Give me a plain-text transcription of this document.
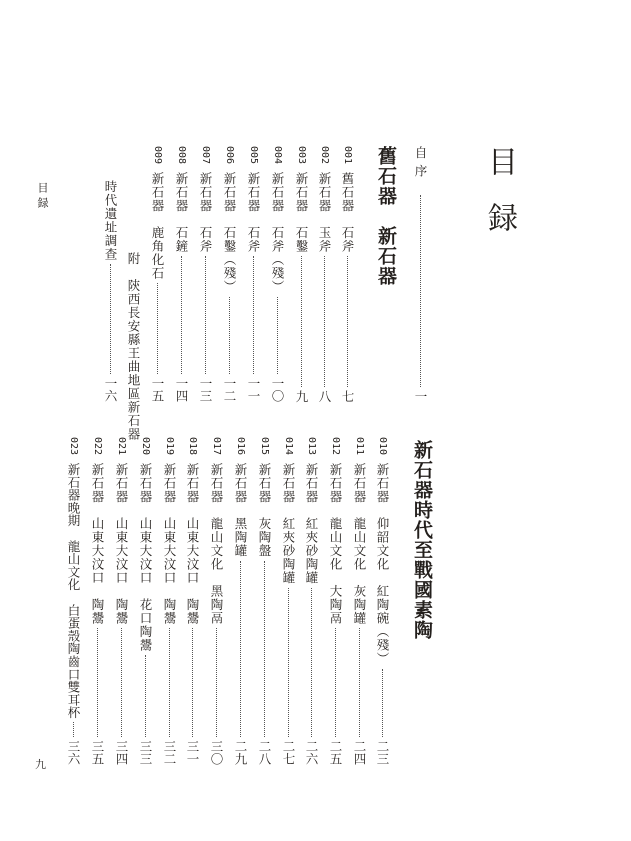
目録
自序
一
舊石器　新石器
新石器時代至戰國素陶
001
舊石器　石斧
七
002
新石器　玉斧
八
003
新石器　石鑿
九
004
新石器　石斧（殘）
一〇
005
新石器　石斧
一一
006
新石器　石鑿（殘）
一二
007
新石器　石斧
一三
008
新石器　石鏟
一四
009
新石器　鹿角化石
一五
附　陝西長安縣王曲地區新石器
時代遺址調查
一六
010
新石器　仰韶文化　紅陶碗（殘）
二三
011
新石器　龍山文化　灰陶罐
二四
012
新石器　龍山文化　大陶鬲
二五
013
新石器　紅夾砂陶罐
二六
014
新石器　紅夾砂陶罐
二七
015
新石器　灰陶盤
二八
016
新石器　黑陶罐
二九
017
新石器　龍山文化　黑陶鬲
三〇
018
新石器　山東大汶口　陶鬹
三一
019
新石器　山東大汶口　陶鬹
三二
020
新石器　山東大汶口　花口陶鬹
三三
021
新石器　山東大汶口　陶鬹
三四
022
新石器　山東大汶口　陶鬹
三五
023
新石器晚期　龍山文化　白蛋殼陶齒口雙耳杯
三六
目録
九
